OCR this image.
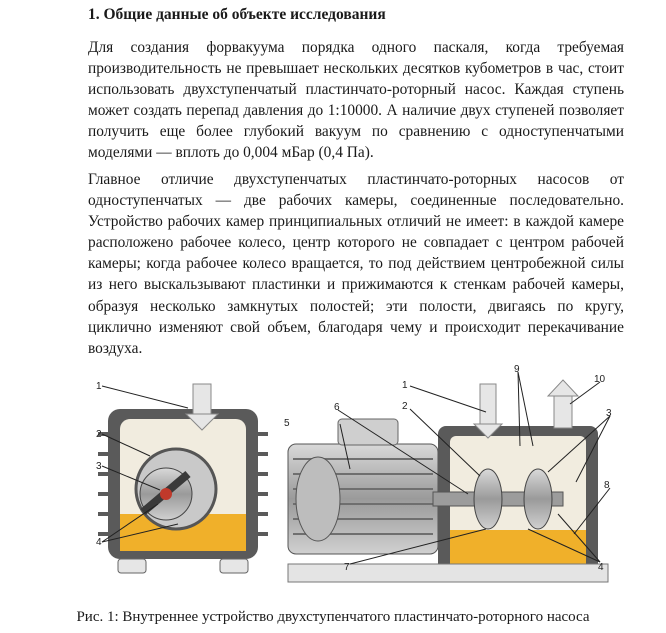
1. Общие данные об объекте исследования

Для создания форвакуума порядка одного паскаля, когда требуемая производительность не превышает нескольких десятков кубометров в час, стоит использовать двухступенчатый пластинчато-роторный насос. Каждая ступень может создать перепад давления до 1:10000. А наличие двух ступеней позволяет получить еще более глубокий вакуум по сравнению с одноступенчатыми моделями — вплоть до 0,004 мБар (0,4 Па).

Главное отличие двухступенчатых пластинчато-роторных насосов от одноступенчатых — две рабочих камеры, соединенные последовательно. Устройство рабочих камер принципиальных отличий не имеет: в каждой камере расположено рабочее колесо, центр которого не совпадает с центром рабочей камеры; когда рабочее колесо вращается, то под действием центробежной силы из него выскальзывают пластинки и прижимаются к стенкам рабочей камеры, образуя несколько замкнутых полостей; эти полости, двигаясь по кругу, циклично изменяют свой объем, благодаря чему и происходит перекачивание воздуха.

1
2
3
4
1
2
3
4
5
6
7
8
9
10

Рис. 1: Внутреннее устройство двухступенчатого пластинчато-роторного насоса
